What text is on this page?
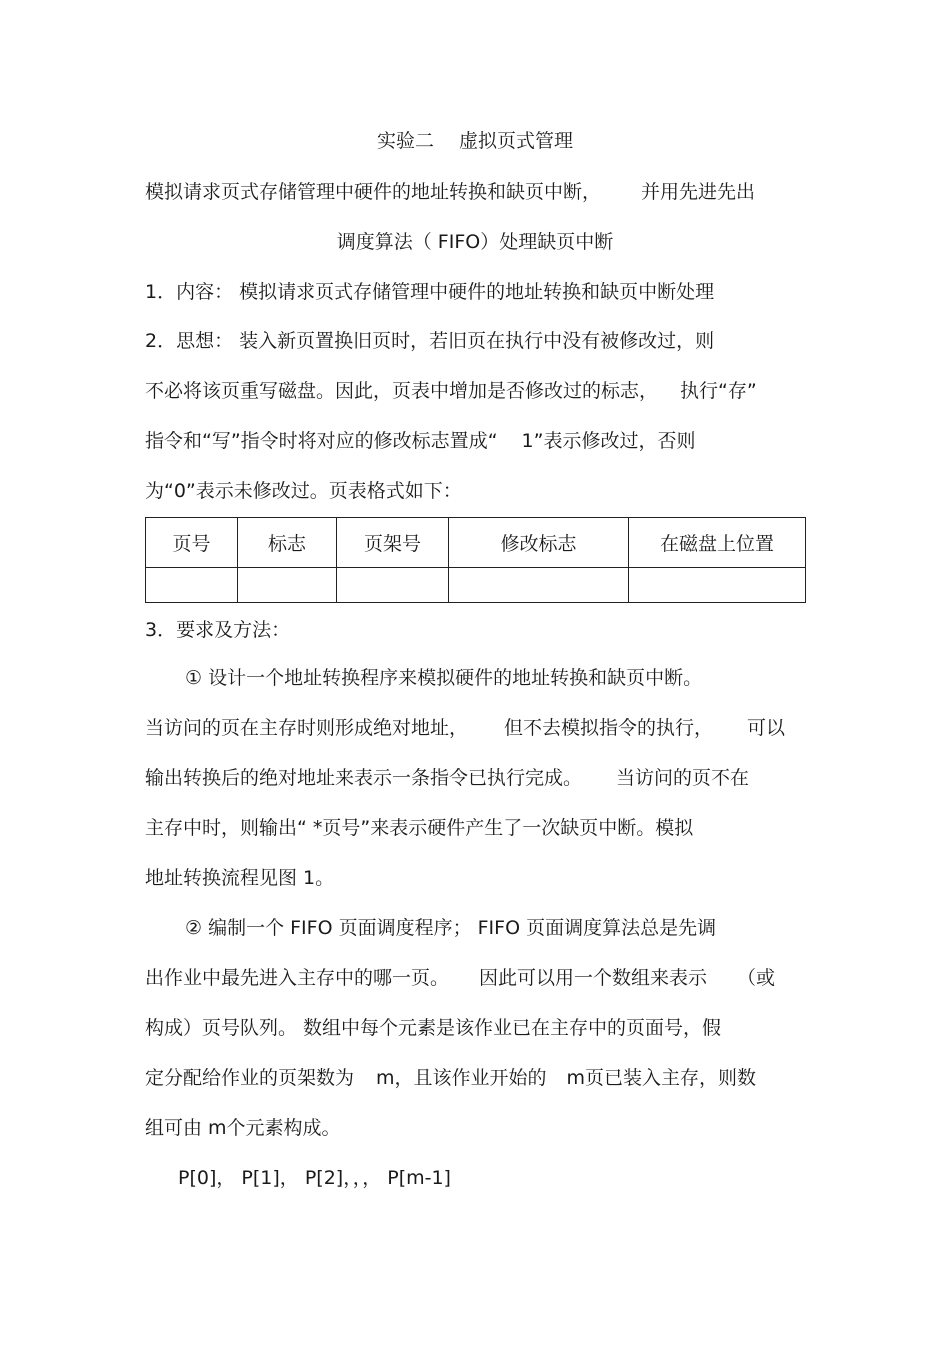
实验二　 虚拟页式管理
模拟请求页式存储管理中硬件的地址转换和缺页中断， 并用先进先出
调度算法（ FIFO）处理缺页中断
1．内容： 模拟请求页式存储管理中硬件的地址转换和缺页中断处理
2．思想： 装入新页置换旧页时，若旧页在执行中没有被修改过，则
不必将该页重写磁盘。因此，页表中增加是否修改过的标志， 执行“存”
指令和“写”指令时将对应的修改标志置成“ 1”表示修改过，否则
为“0”表示未修改过。页表格式如下：
页号	标志	页架号	修改标志	在磁盘上位置

3．要求及方法：
① 设计一个地址转换程序来模拟硬件的地址转换和缺页中断。
当访问的页在主存时则形成绝对地址， 但不去模拟指令的执行， 可以
输出转换后的绝对地址来表示一条指令已执行完成。 当访问的页不在
主存中时，则输出“ *页号”来表示硬件产生了一次缺页中断。模拟
地址转换流程见图 1。
② 编制一个 FIFO 页面调度程序； FIFO 页面调度算法总是先调
出作业中最先进入主存中的哪一页。 因此可以用一个数组来表示 （或
构成）页号队列。 数组中每个元素是该作业已在主存中的页面号，假
定分配给作业的页架数为 m，且该作业开始的 m页已装入主存，则数
组可由 m个元素构成。
P[0]， P[1]， P[2]，，， P[m-1]
